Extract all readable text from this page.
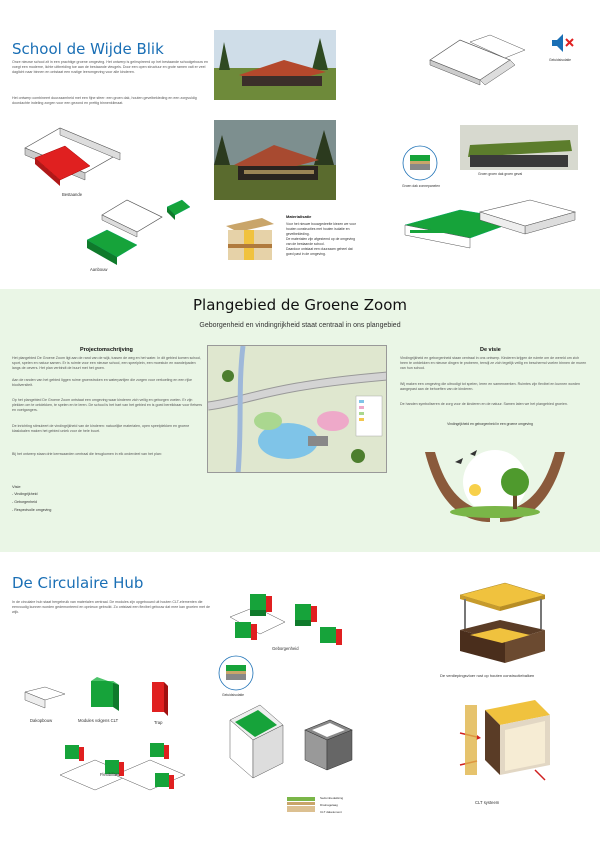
School de Wijde Blik
Onze nieuwe school zit in een prachtige groene omgeving. Het ontwerp is geïnspireerd op het bestaande schoolgebouw en voegt een moderne, lichte uitbreiding toe aan de bestaande vleugels. Door een open structuur en grote ramen valt er veel daglicht naar binnen en ontstaat een rustige leeromgeving voor alle kinderen.
Het ontwerp combineert duurzaamheid met een fijne sfeer: een groen dak, houten gevelbekleding en een zorgvuldig doordachte indeling zorgen voor een gezond en prettig binnenklimaat.
Bestaande
Aanbouw
Geluidsisolatie
Groen dak zonnepanelen
Groen groen dak groen geval
Materialisatie
Voor het nieuwe bouwgedeelte kiezen we voor
houten constructies met houten isolatie en
gevelbekleding.
De materialen zijn afgestemd op de omgeving
van de bestaande school.
Daardoor ontstaat een duurzaam geheel dat
goed past in de omgeving.
Plangebied de Groene Zoom
Geborgenheid en vindingrijkheid staat centraal in ons plangebied
Projectomschrijving
Het plangebied De Groene Zoom ligt aan de rand van de wijk, tussen de weg en het water. In dit gebied komen school, sport, spelen en natuur samen. Er is ruimte voor een nieuwe school, een speelplein, een moestuin en wandelpaden langs de oevers. Het plan verbindt de buurt met het groen.
Aan de randen van het gebied liggen ruime groenstroken en waterpartijen die zorgen voor verkoeling en een rijke biodiversiteit.
Op het plangebied De Groene Zoom ontstaat een omgeving waar kinderen zich veilig en geborgen voelen. Er zijn plekken om te ontdekken, te spelen en te leren. De school is het hart van het gebied en is goed bereikbaar voor fietsers en voetgangers.
De inrichting stimuleert de vindingrijkheid van de kinderen: natuurlijke materialen, open speelplekken en groene klaslokalen maken het gebied uniek voor de hele buurt.
Bij het ontwerp staan drie kernwaarden centraal die terugkomen in elk onderdeel van het plan:
Visie
- Vindingrijkheid
- Geborgenheid
- Respectvolle omgeving
De visie
Vindingrijkheid en geborgenheid staan centraal in ons ontwerp. Kinderen krijgen de ruimte om de wereld om zich heen te ontdekken en nieuwe dingen te proberen, terwijl ze zich tegelijk veilig en beschermd voelen binnen de muren van hun school.
Wij maken een omgeving die uitnodigt tot spelen, leren en samenwerken. Ruimtes zijn flexibel en kunnen worden aangepast aan de behoeften van de kinderen.
De handen symboliseren de zorg voor de kinderen en de natuur. Samen laten we het plangebied groeien.
Vindingrijkheid en geborgenheid in een groene omgeving
De Circulaire Hub
In de circulaire hub staat hergebruik van materialen centraal. De modules zijn opgebouwd uit houten CLT-elementen die eenvoudig kunnen worden gedemonteerd en opnieuw gebruikt. Zo ontstaat een flexibel gebouw dat mee kan groeien met de wijk.
Geborgenheid
Dakopbouw	Modules volgens CLT	Trap
Flexibiliteit
Geluidsisolatie
Sedumbedekking
Drainagelaag
CLT dakelement
De verdiepingsvloer rust op houten constructiebalken
CLT systeem
